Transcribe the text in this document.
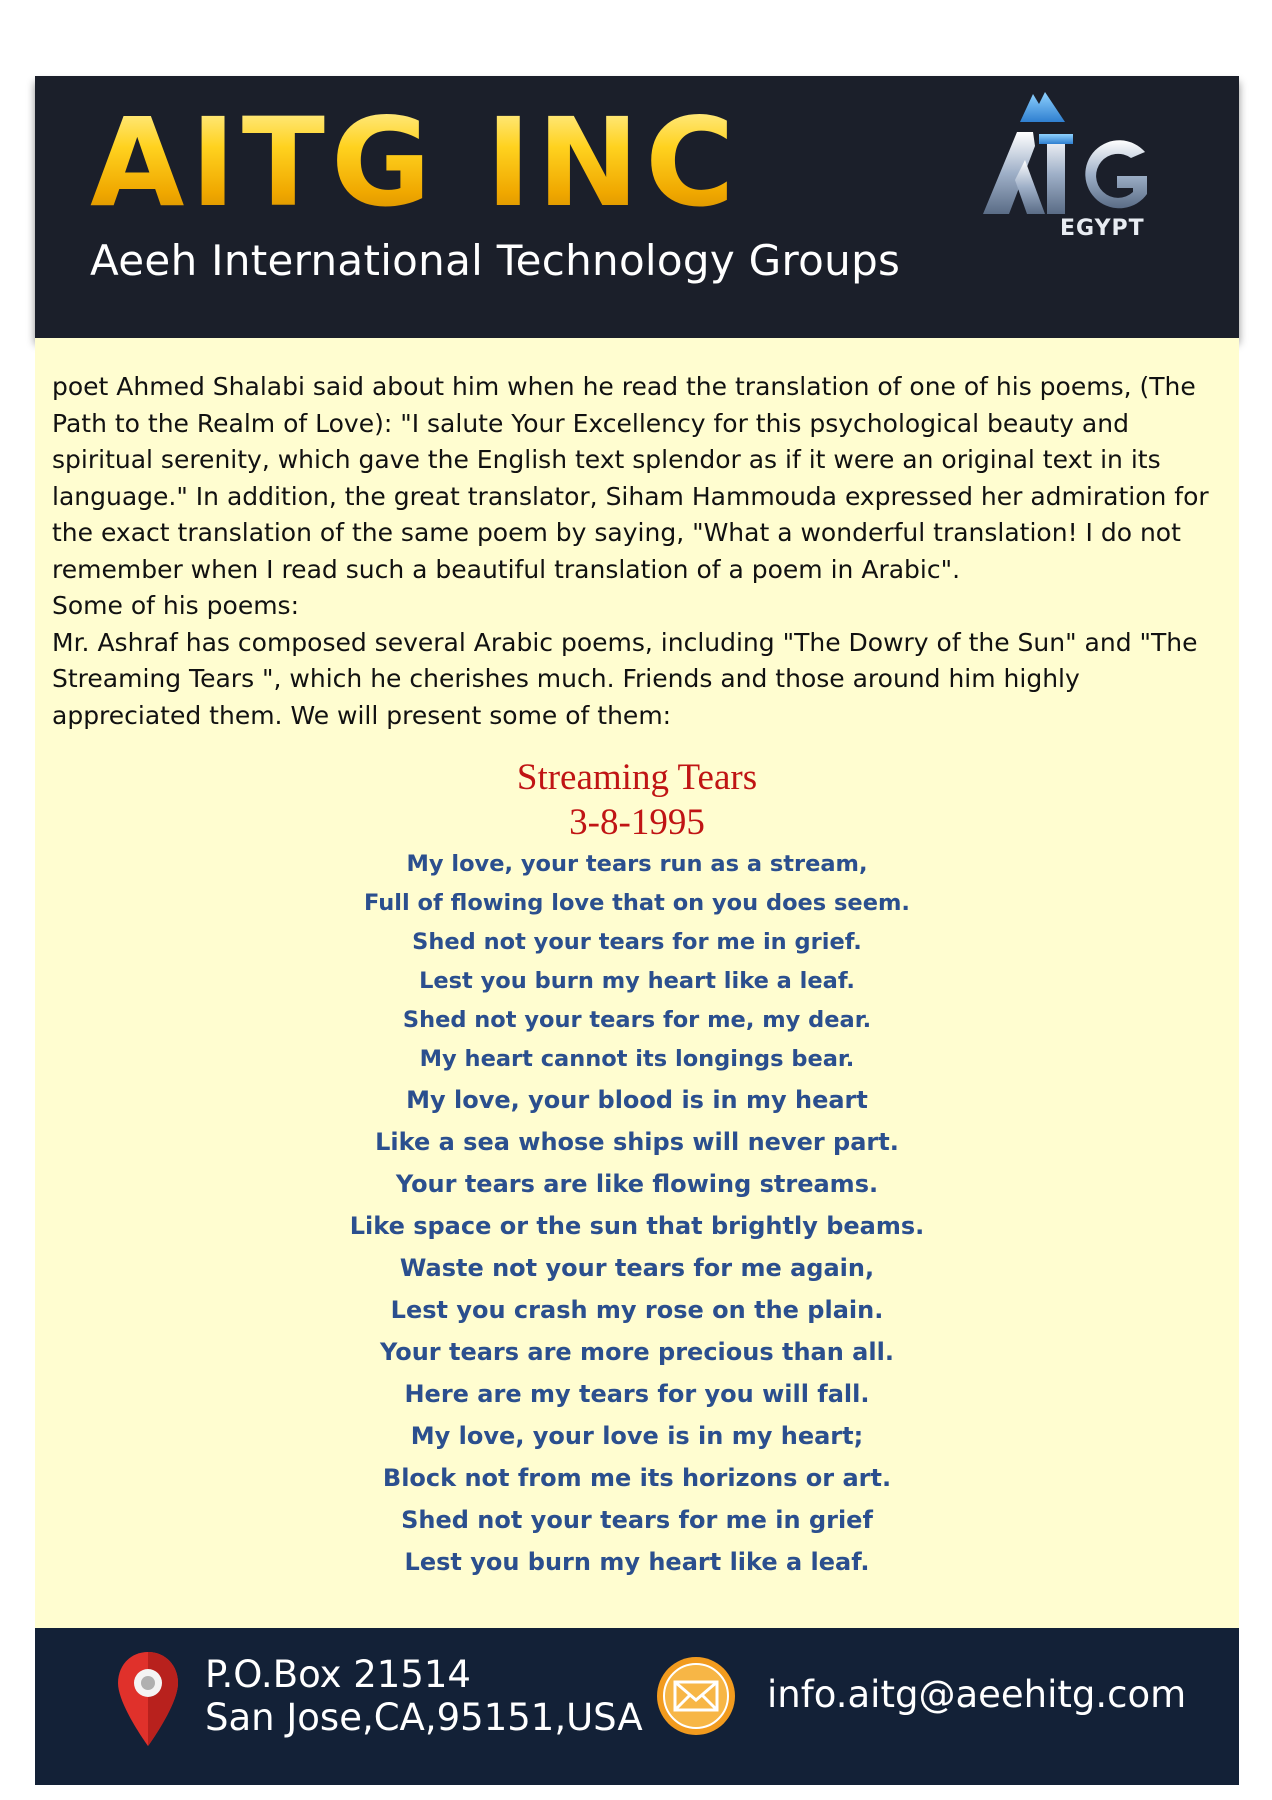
AITG INC
Aeeh International Technology Groups
EGYPT

poet Ahmed Shalabi said about him when he read the translation of one of his poems, (The Path to the Realm of Love): "I salute Your Excellency for this psychological beauty and spiritual serenity, which gave the English text splendor as if it were an original text in its language." In addition, the great translator, Siham Hammouda expressed her admiration for the exact translation of the same poem by saying, "What a wonderful translation! I do not remember when I read such a beautiful translation of a poem in Arabic".

Some of his poems:

Mr. Ashraf has composed several Arabic poems, including "The Dowry of the Sun" and "The Streaming Tears ", which he cherishes much. Friends and those around him highly appreciated them. We will present some of them:

Streaming Tears
3-8-1995
My love, your tears run as a stream,
Full of flowing love that on you does seem.
Shed not your tears for me in grief.
Lest you burn my heart like a leaf.
Shed not your tears for me, my dear.
My heart cannot its longings bear.
My love, your blood is in my heart
Like a sea whose ships will never part.
Your tears are like flowing streams.
Like space or the sun that brightly beams.
Waste not your tears for me again,
Lest you crash my rose on the plain.
Your tears are more precious than all.
Here are my tears for you will fall.
My love, your love is in my heart;
Block not from me its horizons or art.
Shed not your tears for me in grief
Lest you burn my heart like a leaf.
P.O.Box 21514
San Jose,CA,95151,USA
info.aitg@aeehitg.com
